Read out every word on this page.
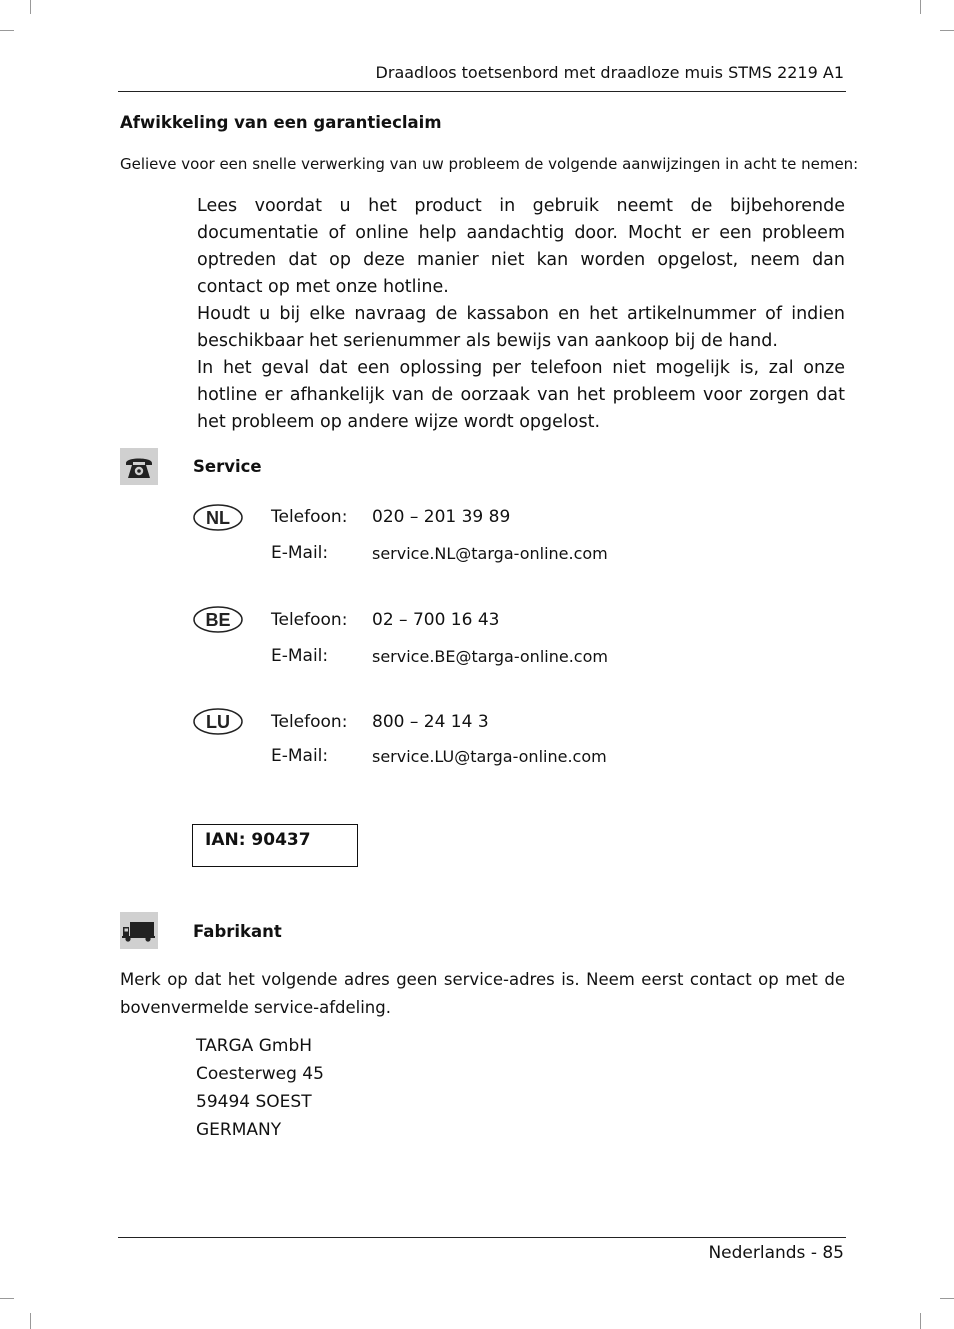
Draadloos toetsenbord met draadloze muis STMS 2219 A1
Afwikkeling van een garantieclaim
Gelieve voor een snelle verwerking van uw probleem de volgende aanwijzingen in acht te nemen:

Lees voordat u het product in gebruik neemt de bijbehorende documentatie of online help aandachtig door. Mocht er een probleem optreden dat op deze manier niet kan worden opgelost, neem dan contact op met onze hotline.

Houdt u bij elke navraag de kassabon en het artikelnummer of indien beschikbaar het serienummer als bewijs van aankoop bij de hand.

In het geval dat een oplossing per telefoon niet mogelijk is, zal onze hotline er afhankelijk van de oorzaak van het probleem voor zorgen dat het probleem op andere wijze wordt opgelost.

Service
NL Telefoon: 020 – 201 39 89
E-Mail:	service.NL@targa-online.com
BE Telefoon: 02 – 700 16 43
E-Mail:	service.BE@targa-online.com
LU Telefoon: 800 – 24 14 3
E-Mail:	service.LU@targa-online.com
IAN: 90437
Fabrikant
Merk op dat het volgende adres geen service-adres is. Neem eerst contact op met de bovenvermelde service-afdeling.
TARGA GmbH
Coesterweg 45
59494 SOEST
GERMANY
Nederlands - 85
